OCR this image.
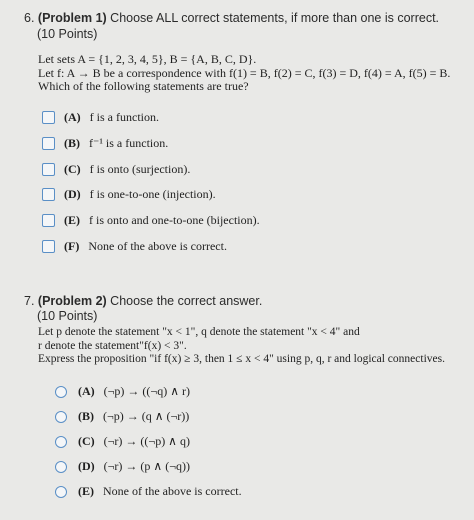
6. (Problem 1) Choose ALL correct statements, if more than one is correct.
(10 Points)
Let sets A = {1, 2, 3, 4, 5}, B = {A, B, C, D}.
Let f: A → B be a correspondence with f(1) = B, f(2) = C, f(3) = D, f(4) = A, f(5) = B.
Which of the following statements are true?
(A) f is a function.
(B) f⁻¹ is a function.
(C) f is onto (surjection).
(D) f is one-to-one (injection).
(E) f is onto and one-to-one (bijection).
(F) None of the above is correct.
7. (Problem 2) Choose the correct answer.
(10 Points)
Let p denote the statement "x < 1", q denote the statement "x < 4" and
r denote the statement"f(x) < 3".
Express the proposition "if f(x) ≥ 3, then 1 ≤ x < 4" using p, q, r and logical connectives.
(A) (¬p) → ((¬q) ∧ r)
(B) (¬p) → (q ∧ (¬r))
(C) (¬r) → ((¬p) ∧ q)
(D) (¬r) → (p ∧ (¬q))
(E) None of the above is correct.
